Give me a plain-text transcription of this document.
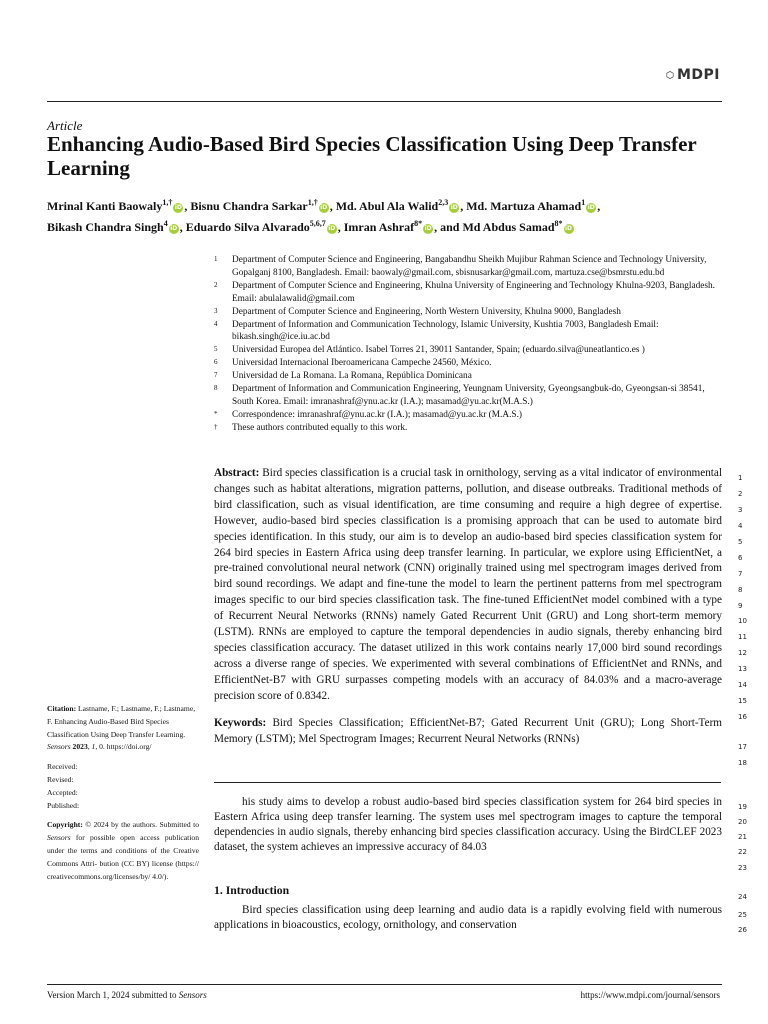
MDPI
Article
Enhancing Audio-Based Bird Species Classification Using Deep Transfer Learning
Mrinal Kanti Baowaly$^{1,\dagger}$iD , Bisnu Chandra Sarkar$^{1,\dagger}$iD , Md. Abul Ala Walid$^{2,3}$iD , Md. Martuza Ahamad$^1$iD ,
Bikash Chandra Singh$^4$iD , Eduardo Silva Alvarado$^{5,6,7}$iD , Imran Ashraf$^{8*}$iD , and Md Abdus Samad$^{8*}$iD
1	Department of Computer Science and Engineering, Bangabandhu Sheikh Mujibur Rahman Science and Technology University, Gopalganj 8100, Bangladesh. Email: baowaly@gmail.com, sbisnusarkar@gmail.com, martuza.cse@bsmrstu.edu.bd
2	Department of Computer Science and Engineering, Khulna University of Engineering and Technology Khulna-9203, Bangladesh. Email: abulalawalid@gmail.com
3	Department of Computer Science and Engineering, North Western University, Khulna 9000, Bangladesh
4	Department of Information and Communication Technology, Islamic University, Kushtia 7003, Bangladesh Email: bikash.singh@ice.iu.ac.bd
5	Universidad Europea del Atlántico. Isabel Torres 21, 39011 Santander, Spain; (eduardo.silva@uneatlantico.es )
6	Universidad Internacional Iberoamericana Campeche 24560, México.
7	Universidad de La Romana. La Romana, República Dominicana
8	Department of Information and Communication Engineering, Yeungnam University, Gyeongsangbuk-do, Gyeongsan-si 38541, South Korea. Email: imranashraf@ynu.ac.kr (I.A.); masamad@yu.ac.kr(M.A.S.)
*	Correspondence: imranashraf@ynu.ac.kr (I.A.); masamad@yu.ac.kr (M.A.S.)
†	These authors contributed equally to this work.
Abstract: Bird species classification is a crucial task in ornithology, serving as a vital indicator of environmental changes such as habitat alterations, migration patterns, pollution, and disease outbreaks. Traditional methods of bird classification, such as visual identification, are time consuming and require a high degree of expertise. However, audio-based bird species classification is a promising approach that can be used to automate bird species identification. In this study, our aim is to develop an audio-based bird species classification system for 264 bird species in Eastern Africa using deep transfer learning. In particular, we explore using EfficientNet, a pre-trained convolutional neural network (CNN) originally trained using mel spectrogram images derived from bird sound recordings. We adapt and fine-tune the model to learn the pertinent patterns from mel spectrogram images specific to our bird species classification task. The fine-tuned EfficientNet model combined with a type of Recurrent Neural Networks (RNNs) namely Gated Recurrent Unit (GRU) and Long short-term memory (LSTM). RNNs are employed to capture the temporal dependencies in audio signals, thereby enhancing bird species classification accuracy. The dataset utilized in this work contains nearly 17,000 bird sound recordings across a diverse range of species. We experimented with several combinations of EfficientNet and RNNs, and EfficientNet-B7 with GRU surpasses competing models with an accuracy of 84.03% and a macro-average precision score of 0.8342.
Keywords: Bird Species Classification; EfficientNet-B7; Gated Recurrent Unit (GRU); Long Short-Term Memory (LSTM); Mel Spectrogram Images; Recurrent Neural Networks (RNNs)
1
2
3
4
5
6
7
8
9
10
11
12
13
14
15
16
17
18
19
20
21
22
23
24
25
26

Citation: Lastname, F.; Lastname, F.; Lastname, F. Enhancing Audio-Based Bird Species Classification Using Deep Transfer Learning. Sensors 2023, 1, 0. https://doi.org/

Received:

Revised:

Accepted:

Published:

Copyright: © 2024 by the authors. Submitted to Sensors for possible open access publication under the terms and conditions of the Creative Commons Attri- bution (CC BY) license (https:// creativecommons.org/licenses/by/ 4.0/).

his study aims to develop a robust audio-based bird species classification system for 264 bird species in Eastern Africa using deep transfer learning. The system uses mel spectrogram images to capture the temporal dependencies in audio signals, thereby enhancing bird species classification accuracy. Using the BirdCLEF 2023 dataset, the system achieves an impressive accuracy of 84.03
1. Introduction
Bird species classification using deep learning and audio data is a rapidly evolving field with numerous applications in bioacoustics, ecology, ornithology, and conservation
Version March 1, 2024 submitted to Sensors	https://www.mdpi.com/journal/sensors
